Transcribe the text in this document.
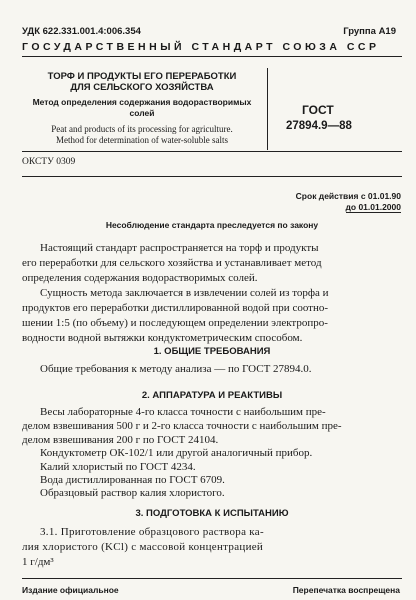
УДК 622.331.001.4:006.354	Группа А19
ГОСУДАРСТВЕННЫЙ СТАНДАРТ СОЮЗА ССР
ТОРФ И ПРОДУКТЫ ЕГО ПЕРЕРАБОТКИ
ДЛЯ СЕЛЬСКОГО ХОЗЯЙСТВА
Метод определения содержания водорастворимых
солей
Peat and products of its processing for agriculture.
Method for determination of water-soluble salts
ГОСТ
27894.9—88
ОКСТУ 0309
Срок действия с 01.01.90
до 01.01.2000
Несоблюдение стандарта преследуется по закону
Настоящий стандарт распространяется на торф и продукты
его переработки для сельского хозяйства и устанавливает метод
определения содержания водорастворимых солей.
Сущность метода заключается в извлечении солей из торфа и
продуктов его переработки дистиллированной водой при соотно-
шении 1:5 (по объему) и последующем определении электропро-
водности водной вытяжки кондуктометрическим способом.
1. ОБЩИЕ ТРЕБОВАНИЯ
Общие требования к методу анализа — по ГОСТ 27894.0.
2. АППАРАТУРА И РЕАКТИВЫ
Весы лабораторные 4-го класса точности с наибольшим пре-
делом взвешивания 500 г и 2-го класса точности с наибольшим пре-
делом взвешивания 200 г по ГОСТ 24104.
Кондуктометр ОК-102/1 или другой аналогичный прибор.
Калий хлористый по ГОСТ 4234.
Вода дистиллированная по ГОСТ 6709.
Образцовый раствор калия хлористого.
3. ПОДГОТОВКА К ИСПЫТАНИЮ
3.1. Приготовление образцового раствора ка-
лия хлористого (KCl) с массовой концентрацией
1 г/дм³
Издание официальное	Перепечатка воспрещена
